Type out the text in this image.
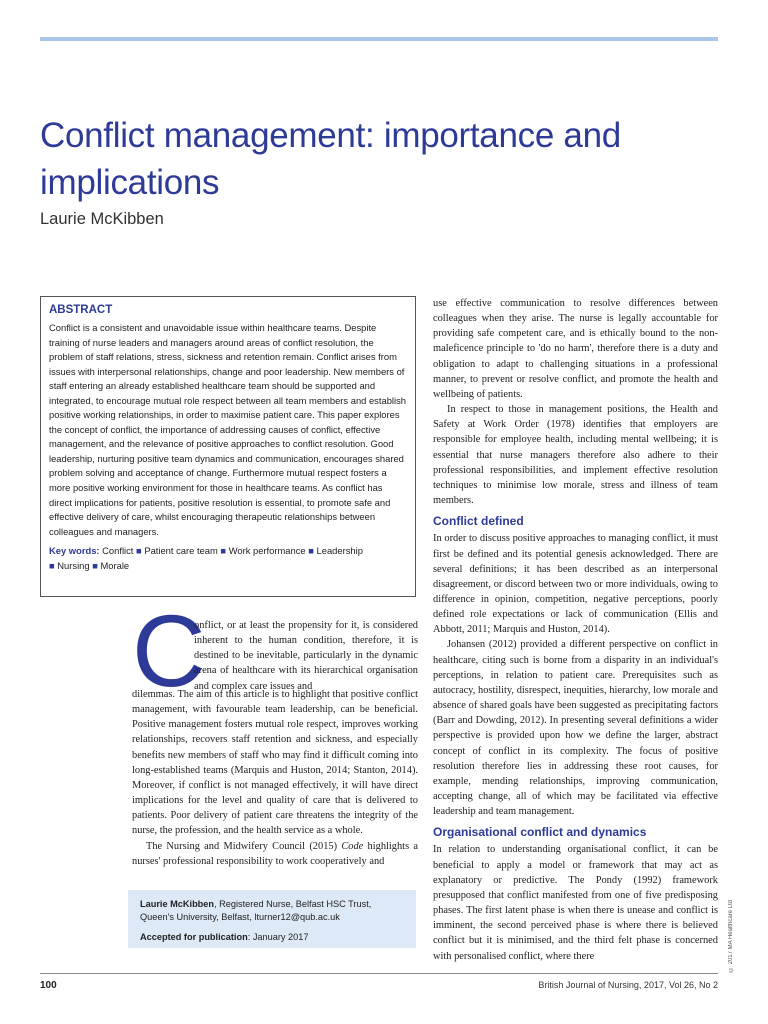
Conflict management: importance and implications
Laurie McKibben
ABSTRACT

Conflict is a consistent and unavoidable issue within healthcare teams. Despite training of nurse leaders and managers around areas of conflict resolution, the problem of staff relations, stress, sickness and retention remain. Conflict arises from issues with interpersonal relationships, change and poor leadership. New members of staff entering an already established healthcare team should be supported and integrated, to encourage mutual role respect between all team members and establish positive working relationships, in order to maximise patient care. This paper explores the concept of conflict, the importance of addressing causes of conflict, effective management, and the relevance of positive approaches to conflict resolution. Good leadership, nurturing positive team dynamics and communication, encourages shared problem solving and acceptance of change. Furthermore mutual respect fosters a more positive working environment for those in healthcare teams. As conflict has direct implications for patients, positive resolution is essential, to promote safe and effective delivery of care, whilst encouraging therapeutic relationships between colleagues and managers.

Key words: Conflict ■ Patient care team ■ Work performance ■ Leadership
■ Nursing ■ Morale
C

onflict, or at least the propensity for it, is considered inherent to the human condition, therefore, it is destined to be inevitable, particularly in the dynamic arena of healthcare with its hierarchical organisation and complex care issues and

dilemmas. The aim of this article is to highlight that positive conflict management, with favourable team leadership, can be beneficial. Positive management fosters mutual role respect, improves working relationships, recovers staff retention and sickness, and especially benefits new members of staff who may find it difficult coming into long-established teams (Marquis and Huston, 2014; Stanton, 2014). Moreover, if conflict is not managed effectively, it will have direct implications for the level and quality of care that is delivered to patients. Poor delivery of patient care threatens the integrity of the nurse, the profession, and the health service as a whole.

The Nursing and Midwifery Council (2015) Code highlights a nurses' professional responsibility to work cooperatively and

Laurie McKibben, Registered Nurse, Belfast HSC Trust, Queen's University, Belfast, lturner12@qub.ac.uk
Accepted for publication: January 2017

use effective communication to resolve differences between colleagues when they arise. The nurse is legally accountable for providing safe competent care, and is ethically bound to the non-maleficence principle to 'do no harm', therefore there is a duty and obligation to adapt to challenging situations in a professional manner, to prevent or resolve conflict, and promote the health and wellbeing of patients.

In respect to those in management positions, the Health and Safety at Work Order (1978) identifies that employers are responsible for employee health, including mental wellbeing; it is essential that nurse managers therefore also adhere to their professional responsibilities, and implement effective resolution techniques to minimise low morale, stress and illness of team members.

Conflict defined

In order to discuss positive approaches to managing conflict, it must first be defined and its potential genesis acknowledged. There are several definitions; it has been described as an interpersonal disagreement, or discord between two or more individuals, owing to difference in opinion, competition, negative perceptions, poorly defined role expectations or lack of communication (Ellis and Abbott, 2011; Marquis and Huston, 2014).

Johansen (2012) provided a different perspective on conflict in healthcare, citing such is borne from a disparity in an individual's perceptions, in relation to patient care. Prerequisites such as autocracy, hostility, disrespect, inequities, hierarchy, low morale and absence of shared goals have been suggested as precipitating factors (Barr and Dowding, 2012). In presenting several definitions a wider perspective is provided upon how we define the larger, abstract concept of conflict in its complexity. The focus of positive resolution therefore lies in addressing these root causes, for example, mending relationships, improving communication, accepting change, all of which may be facilitated via effective leadership and team management.

Organisational conflict and dynamics

In relation to understanding organisational conflict, it can be beneficial to apply a model or framework that may act as explanatory or predictive. The Pondy (1992) framework presupposed that conflict manifested from one of five predisposing phases. The first latent phase is when there is unease and conflict is imminent, the second perceived phase is where there is believed conflict but it is minimised, and the third felt phase is concerned with personalised conflict, where there	© 2017 MA Healthcare Ltd
100	British Journal of Nursing, 2017, Vol 26, No 2
